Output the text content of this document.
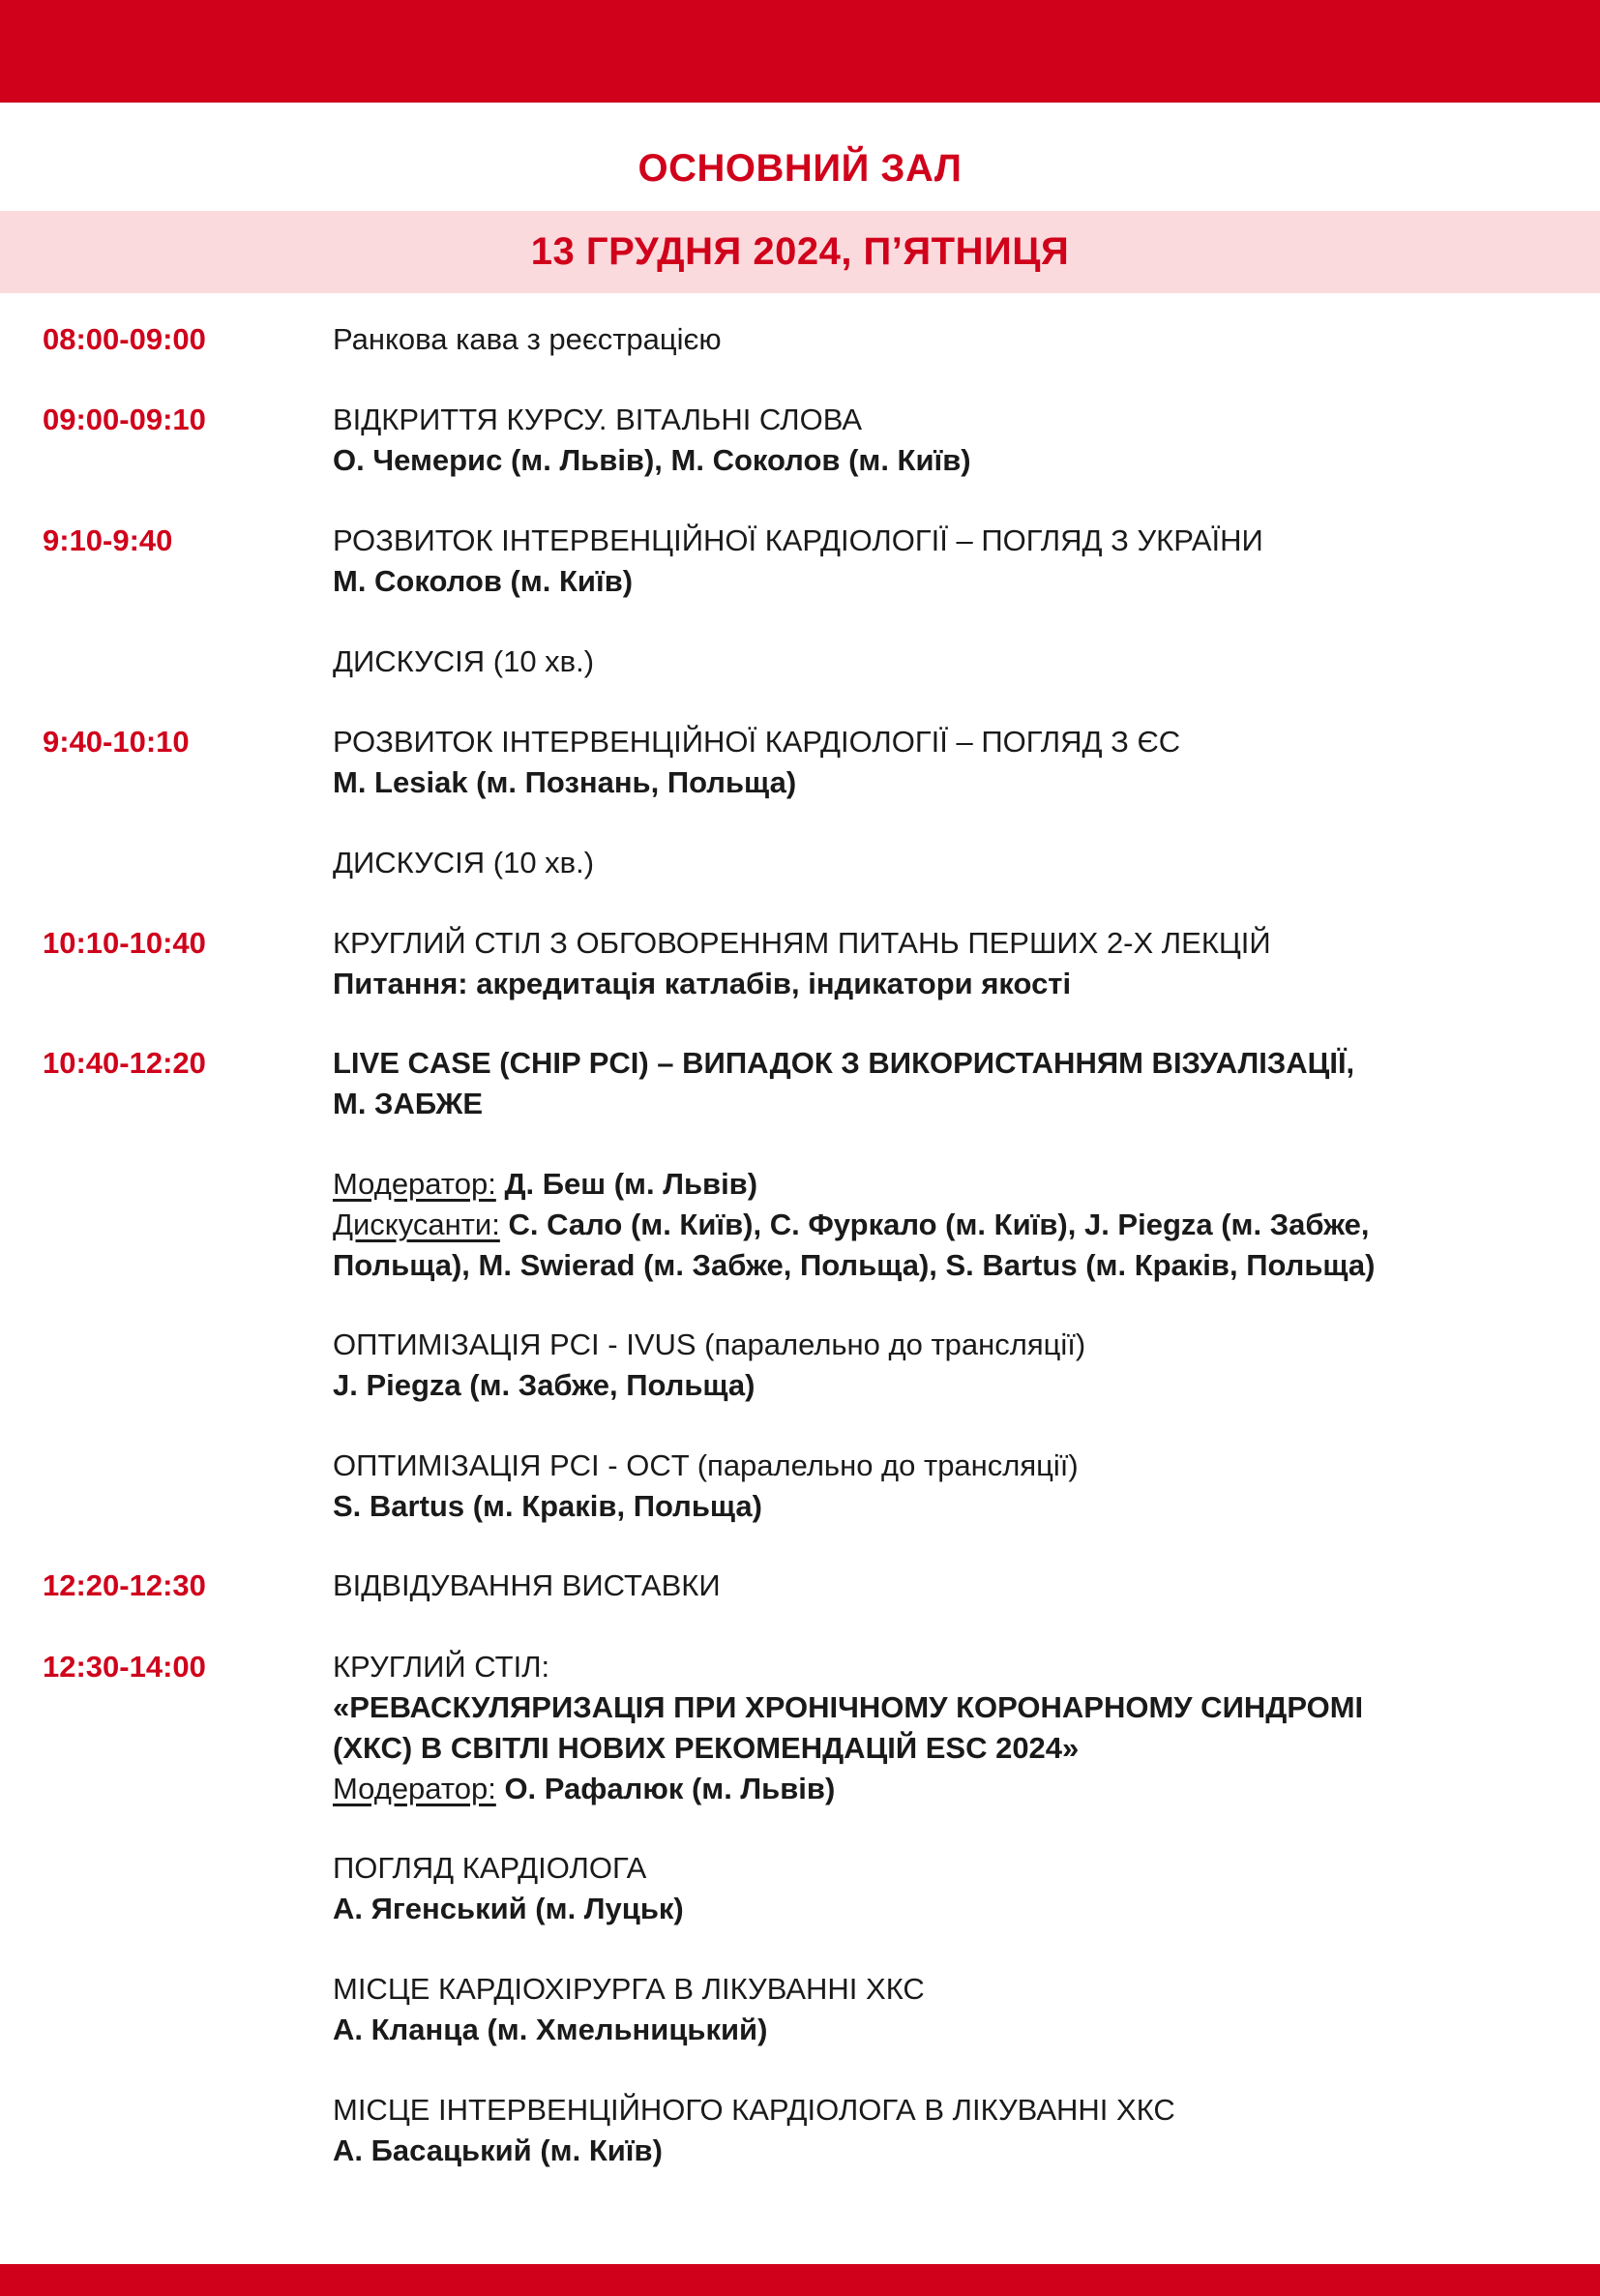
ОСНОВНИЙ ЗАЛ
13 ГРУДНЯ 2024, П’ЯТНИЦЯ
08:00-09:00	Ранкова кава з реєстрацією
09:00-09:10	ВІДКРИТТЯ КУРСУ. ВІТАЛЬНІ СЛОВА
О. Чемерис (м. Львів), М. Соколов (м. Київ)
9:10-9:40	РОЗВИТОК ІНТЕРВЕНЦІЙНОЇ КАРДІОЛОГІЇ – ПОГЛЯД З УКРАЇНИ
М. Соколов (м. Київ)
ДИСКУСІЯ (10 хв.)
9:40-10:10	РОЗВИТОК ІНТЕРВЕНЦІЙНОЇ КАРДІОЛОГІЇ – ПОГЛЯД З ЄС
M. Lesiak (м. Познань, Польща)
ДИСКУСІЯ (10 хв.)
10:10-10:40	КРУГЛИЙ СТІЛ З ОБГОВОРЕННЯМ ПИТАНЬ ПЕРШИХ 2-Х ЛЕКЦІЙ
Питання: акредитація катлабів, індикатори якості
10:40-12:20	LIVE CASE (CHIP PCI) – ВИПАДОК З ВИКОРИСТАННЯМ ВІЗУАЛІЗАЦІЇ,
М. ЗАБЖЕ
Модератор: Д. Беш (м. Львів)
Дискусанти: С. Сало (м. Київ), С. Фуркало (м. Київ), J. Piegza (м. Забже,
Польща), M. Swierad (м. Забже, Польща), S. Bartus (м. Краків, Польща)
ОПТИМІЗАЦІЯ PCI - IVUS (паралельно до трансляції)
J. Piegza (м. Забже, Польща)
ОПТИМІЗАЦІЯ PCI - OCT (паралельно до трансляції)
S. Bartus (м. Краків, Польща)
12:20-12:30	ВІДВІДУВАННЯ ВИСТАВКИ
12:30-14:00	КРУГЛИЙ СТІЛ:
«РЕВАСКУЛЯРИЗАЦІЯ ПРИ ХРОНІЧНОМУ КОРОНАРНОМУ СИНДРОМІ
(ХКС) В СВІТЛІ НОВИХ РЕКОМЕНДАЦІЙ ESC 2024»
Модератор: О. Рафалюк (м. Львів)
ПОГЛЯД КАРДІОЛОГА
А. Ягенський (м. Луцьк)
МІСЦЕ КАРДІОХІРУРГА В ЛІКУВАННІ ХКС
А. Кланца (м. Хмельницький)
МІСЦЕ ІНТЕРВЕНЦІЙНОГО КАРДІОЛОГА В ЛІКУВАННІ ХКС
А. Басацький (м. Київ)
